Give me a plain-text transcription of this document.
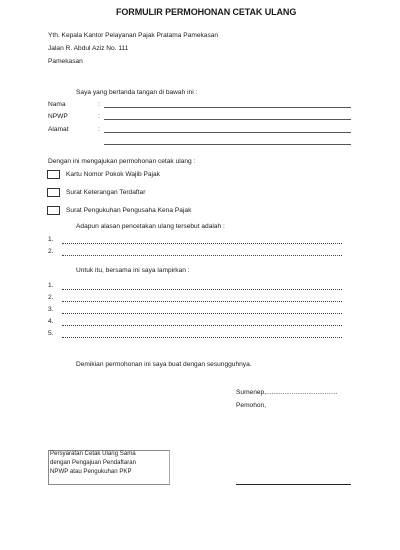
FORMULIR PERMOHONAN CETAK ULANG
Yth. Kepala Kantor Pelayanan Pajak Pratama Pamekasan
Jalan R. Abdul Aziz No. 111
Pamekasan
Saya yang bertanda tangan di bawah ini :
Nama	:
NPWP	:
Alamat	:
Dengan ini mengajukan permohonan cetak ulang :
Kartu Nomor Pokok Wajib Pajak
Surat Keterangan Terdaftar
Surat Pengukuhan Pengusaha Kena Pajak
Adapun alasan pencetakan ulang tersebut adalah :
1.
2.
Untuk itu, bersama ini saya lampirkan :
1.
2.
3.
4.
5.
Demikian permohonan ini saya buat dengan sesungguhnya.
Sumenep,.......................................
Pemohon,
Persyaratan Cetak Ulang Sama
dengan Pengajuan Pendaftaran
NPWP atau Pengukuhan PKP
